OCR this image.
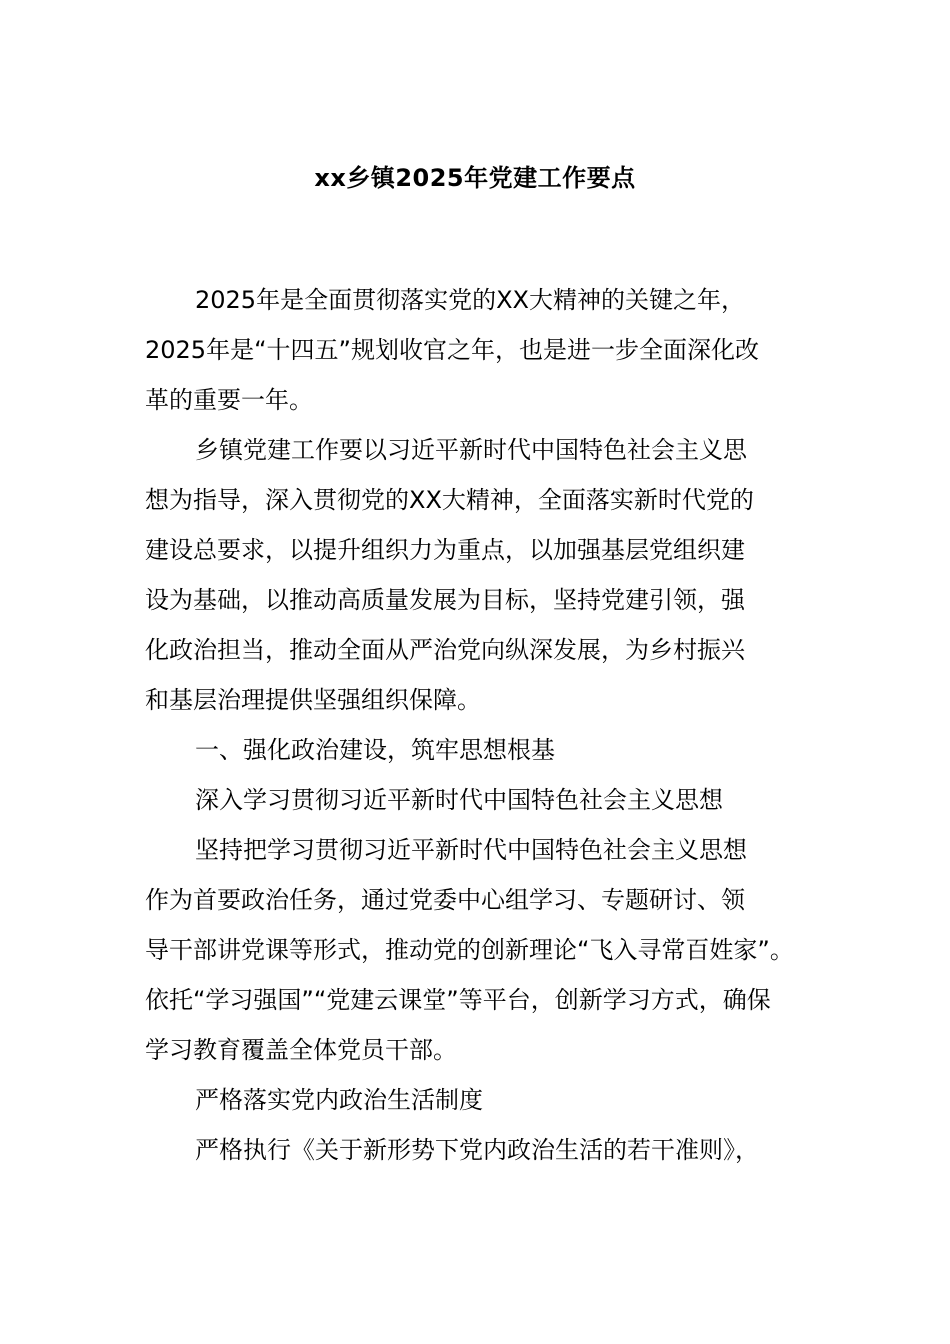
xx乡镇2025年党建工作要点

2025年是全面贯彻落实党的XX大精神的关键之年，
2025年是“十四五”规划收官之年，也是进一步全面深化改
革的重要一年。

乡镇党建工作要以习近平新时代中国特色社会主义思
想为指导，深入贯彻党的XX大精神，全面落实新时代党的
建设总要求，以提升组织力为重点，以加强基层党组织建
设为基础，以推动高质量发展为目标，坚持党建引领，强
化政治担当，推动全面从严治党向纵深发展，为乡村振兴
和基层治理提供坚强组织保障。

一、强化政治建设，筑牢思想根基

深入学习贯彻习近平新时代中国特色社会主义思想

坚持把学习贯彻习近平新时代中国特色社会主义思想
作为首要政治任务，通过党委中心组学习、专题研讨、领
导干部讲党课等形式，推动党的创新理论“飞入寻常百姓家”。
依托“学习强国”“党建云课堂”等平台，创新学习方式，确保
学习教育覆盖全体党员干部。

严格落实党内政治生活制度

严格执行《关于新形势下党内政治生活的若干准则》，
